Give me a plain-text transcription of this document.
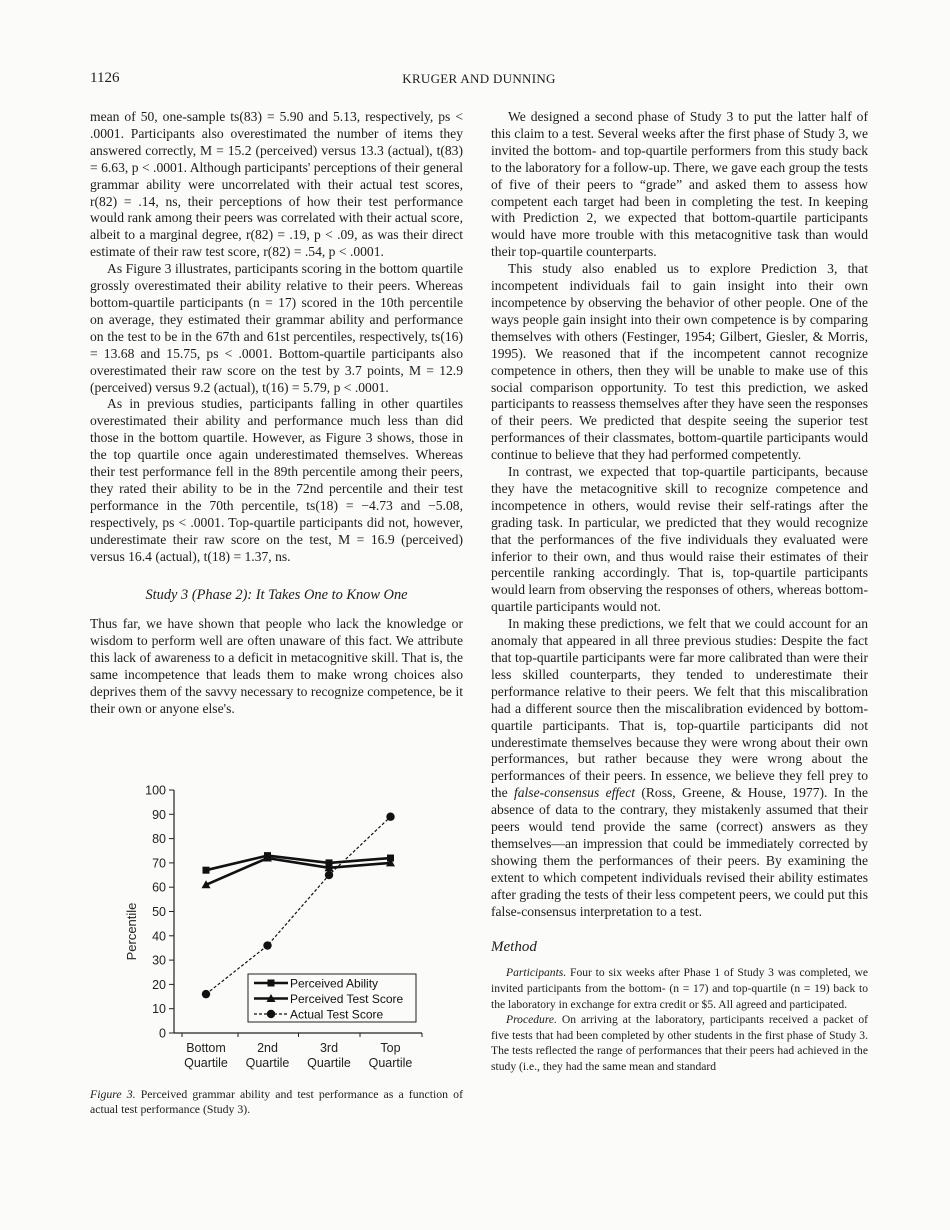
1126	KRUGER AND DUNNING

mean of 50, one-sample ts(83) = 5.90 and 5.13, respectively, ps < .0001. Participants also overestimated the number of items they answered correctly, M = 15.2 (perceived) versus 13.3 (actual), t(83) = 6.63, p < .0001. Although participants' perceptions of their general grammar ability were uncorrelated with their actual test scores, r(82) = .14, ns, their perceptions of how their test performance would rank among their peers was correlated with their actual score, albeit to a marginal degree, r(82) = .19, p < .09, as was their direct estimate of their raw test score, r(82) = .54, p < .0001.

As Figure 3 illustrates, participants scoring in the bottom quartile grossly overestimated their ability relative to their peers. Whereas bottom-quartile participants (n = 17) scored in the 10th percentile on average, they estimated their grammar ability and performance on the test to be in the 67th and 61st percentiles, respectively, ts(16) = 13.68 and 15.75, ps < .0001. Bottom-quartile participants also overestimated their raw score on the test by 3.7 points, M = 12.9 (perceived) versus 9.2 (actual), t(16) = 5.79, p < .0001.

As in previous studies, participants falling in other quartiles overestimated their ability and performance much less than did those in the bottom quartile. However, as Figure 3 shows, those in the top quartile once again underestimated themselves. Whereas their test performance fell in the 89th percentile among their peers, they rated their ability to be in the 72nd percentile and their test performance in the 70th percentile, ts(18) = −4.73 and −5.08, respectively, ps < .0001. Top-quartile participants did not, however, underestimate their raw score on the test, M = 16.9 (perceived) versus 16.4 (actual), t(18) = 1.37, ns.

Study 3 (Phase 2): It Takes One to Know One

Thus far, we have shown that people who lack the knowledge or wisdom to perform well are often unaware of this fact. We attribute this lack of awareness to a deficit in metacognitive skill. That is, the same incompetence that leads them to make wrong choices also deprives them of the savvy necessary to recognize competence, be it their own or anyone else's.

0
10
20
30
40
50
60
70
80
90
100
Bottom
Quartile
2nd
Quartile
3rd
Quartile
Top
Quartile
Percentile
Perceived Ability
Perceived Test Score
Actual Test Score
Figure 3. Perceived grammar ability and test performance as a function of actual test performance (Study 3).

We designed a second phase of Study 3 to put the latter half of this claim to a test. Several weeks after the first phase of Study 3, we invited the bottom- and top-quartile performers from this study back to the laboratory for a follow-up. There, we gave each group the tests of five of their peers to “grade” and asked them to assess how competent each target had been in completing the test. In keeping with Prediction 2, we expected that bottom-quartile participants would have more trouble with this metacognitive task than would their top-quartile counterparts.

This study also enabled us to explore Prediction 3, that incompetent individuals fail to gain insight into their own incompetence by observing the behavior of other people. One of the ways people gain insight into their own competence is by comparing themselves with others (Festinger, 1954; Gilbert, Giesler, & Morris, 1995). We reasoned that if the incompetent cannot recognize competence in others, then they will be unable to make use of this social comparison opportunity. To test this prediction, we asked participants to reassess themselves after they have seen the responses of their peers. We predicted that despite seeing the superior test performances of their classmates, bottom-quartile participants would continue to believe that they had performed competently.

In contrast, we expected that top-quartile participants, because they have the metacognitive skill to recognize competence and incompetence in others, would revise their self-ratings after the grading task. In particular, we predicted that they would recognize that the performances of the five individuals they evaluated were inferior to their own, and thus would raise their estimates of their percentile ranking accordingly. That is, top-quartile participants would learn from observing the responses of others, whereas bottom-quartile participants would not.

In making these predictions, we felt that we could account for an anomaly that appeared in all three previous studies: Despite the fact that top-quartile participants were far more calibrated than were their less skilled counterparts, they tended to underestimate their performance relative to their peers. We felt that this miscalibration had a different source then the miscalibration evidenced by bottom-quartile participants. That is, top-quartile participants did not underestimate themselves because they were wrong about their own performances, but rather because they were wrong about the performances of their peers. In essence, we believe they fell prey to the false-consensus effect (Ross, Greene, & House, 1977). In the absence of data to the contrary, they mistakenly assumed that their peers would tend provide the same (correct) answers as they themselves—an impression that could be immediately corrected by showing them the performances of their peers. By examining the extent to which competent individuals revised their ability estimates after grading the tests of their less competent peers, we could put this false-consensus interpretation to a test.

Method

Participants. Four to six weeks after Phase 1 of Study 3 was completed, we invited participants from the bottom- (n = 17) and top-quartile (n = 19) back to the laboratory in exchange for extra credit or $5. All agreed and participated.

Procedure. On arriving at the laboratory, participants received a packet of five tests that had been completed by other students in the first phase of Study 3. The tests reflected the range of performances that their peers had achieved in the study (i.e., they had the same mean and standard
